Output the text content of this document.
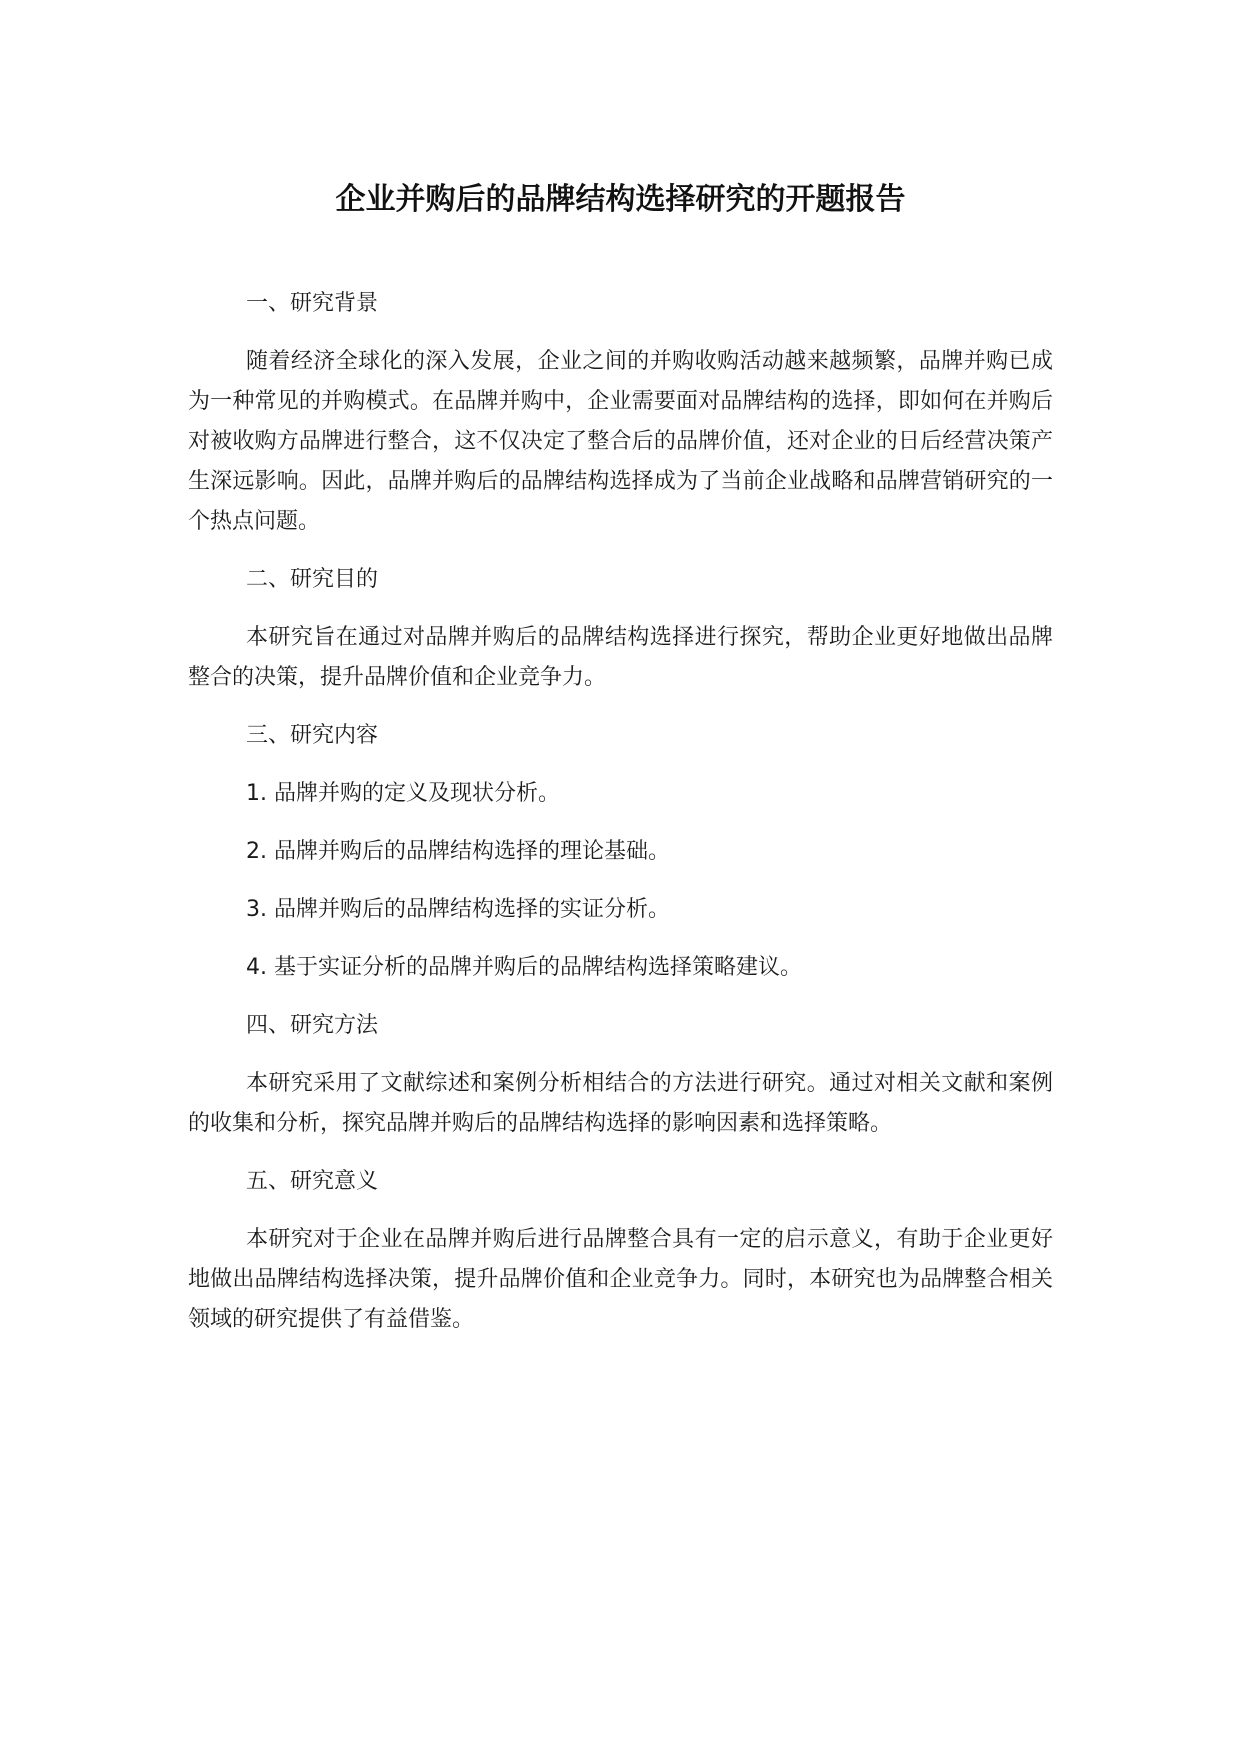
企业并购后的品牌结构选择研究的开题报告

一、研究背景

随着经济全球化的深入发展，企业之间的并购收购活动越来越频繁，品牌并购已成为一种常见的并购模式。在品牌并购中，企业需要面对品牌结构的选择，即如何在并购后对被收购方品牌进行整合，这不仅决定了整合后的品牌价值，还对企业的日后经营决策产生深远影响。因此，品牌并购后的品牌结构选择成为了当前企业战略和品牌营销研究的一个热点问题。

二、研究目的

本研究旨在通过对品牌并购后的品牌结构选择进行探究，帮助企业更好地做出品牌整合的决策，提升品牌价值和企业竞争力。

三、研究内容

1. 品牌并购的定义及现状分析。

2. 品牌并购后的品牌结构选择的理论基础。

3. 品牌并购后的品牌结构选择的实证分析。

4. 基于实证分析的品牌并购后的品牌结构选择策略建议。

四、研究方法

本研究采用了文献综述和案例分析相结合的方法进行研究。通过对相关文献和案例的收集和分析，探究品牌并购后的品牌结构选择的影响因素和选择策略。

五、研究意义

本研究对于企业在品牌并购后进行品牌整合具有一定的启示意义，有助于企业更好地做出品牌结构选择决策，提升品牌价值和企业竞争力。同时，本研究也为品牌整合相关领域的研究提供了有益借鉴。
